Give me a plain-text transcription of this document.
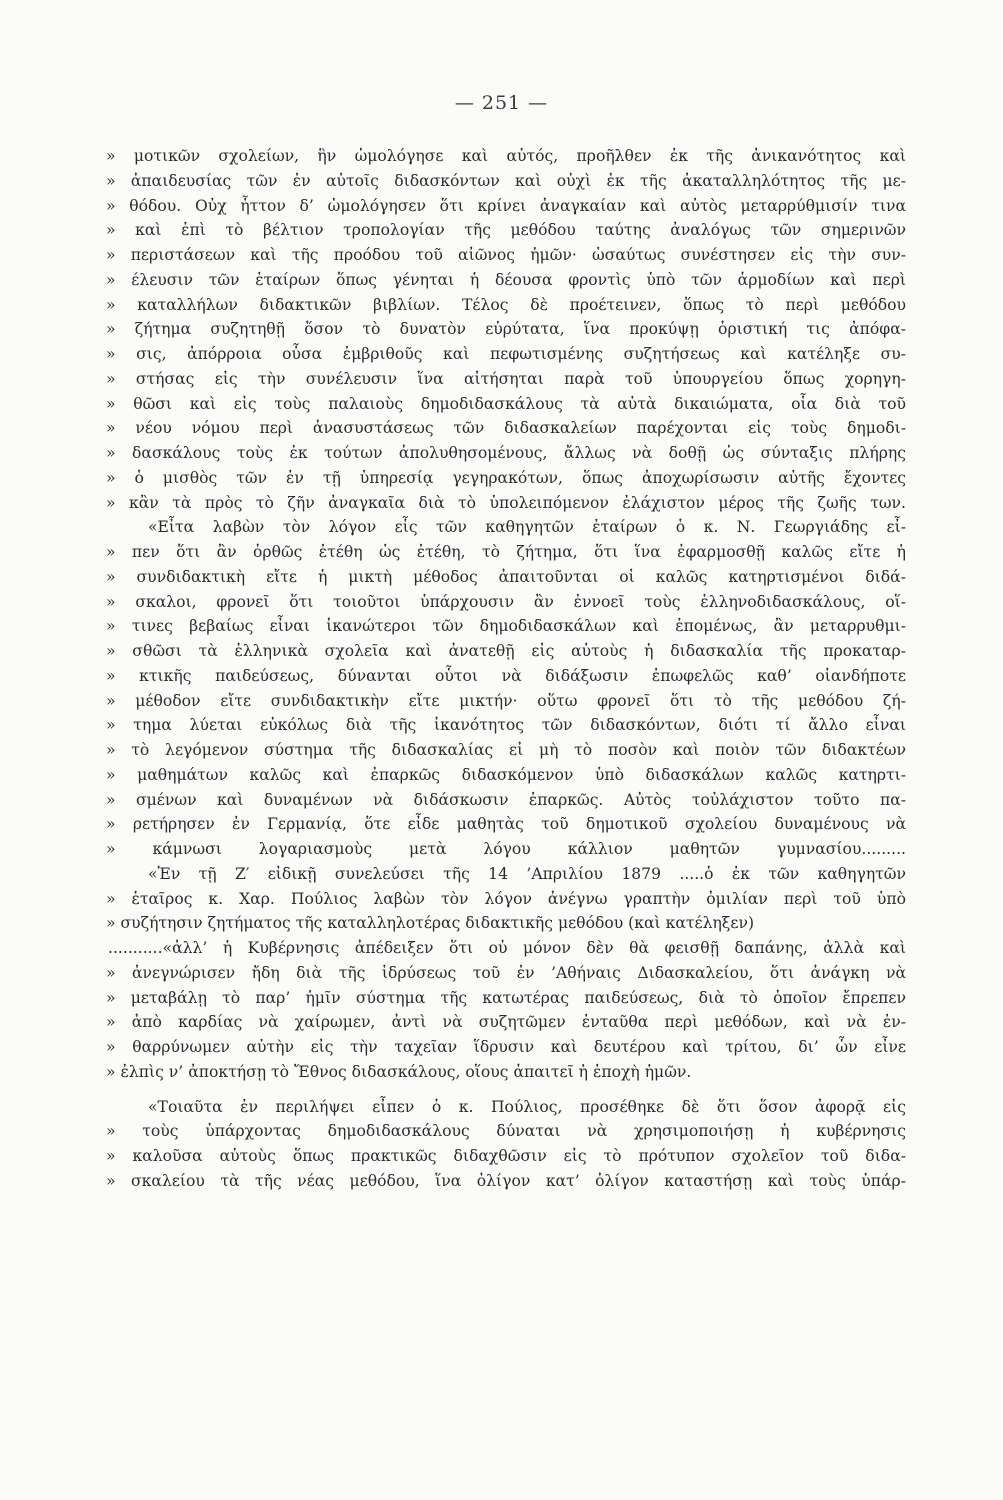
— 251 —
» μοτικῶν σχολείων, ἣν ὡμολόγησε καὶ αὐτός, προῆλθεν ἐκ τῆς ἀνικανότητος καὶ
» ἀπαιδευσίας τῶν ἐν αὐτοῖς διδασκόντων καὶ οὐχὶ ἐκ τῆς ἀκαταλληλότητος τῆς με-
» θόδου. Οὐχ ἧττον δ’ ὡμολόγησεν ὅτι κρίνει ἀναγκαίαν καὶ αὐτὸς μεταρρύθμισίν τινα
» καὶ ἐπὶ τὸ βέλτιον τροπολογίαν τῆς μεθόδου ταύτης ἀναλόγως τῶν σημερινῶν
» περιστάσεων καὶ τῆς προόδου τοῦ αἰῶνος ἡμῶν· ὡσαύτως συνέστησεν εἰς τὴν συν-
» έλευσιν τῶν ἑταίρων ὅπως γένηται ἡ δέουσα φροντὶς ὑπὸ τῶν ἁρμοδίων καὶ περὶ
» καταλλήλων διδακτικῶν βιβλίων. Τέλος δὲ προέτεινεν, ὅπως τὸ περὶ μεθόδου
» ζήτημα συζητηθῇ ὅσον τὸ δυνατὸν εὐρύτατα, ἵνα προκύψῃ ὁριστική τις ἀπόφα-
» σις, ἀπόρροια οὖσα ἐμβριθοῦς καὶ πεφωτισμένης συζητήσεως καὶ κατέληξε συ-
» στήσας εἰς τὴν συνέλευσιν ἵνα αἰτήσηται παρὰ τοῦ ὑπουργείου ὅπως χορηγη-
» θῶσι καὶ εἰς τοὺς παλαιοὺς δημοδιδασκάλους τὰ αὐτὰ δικαιώματα, οἷα διὰ τοῦ
» νέου νόμου περὶ ἀνασυστάσεως τῶν διδασκαλείων παρέχονται εἰς τοὺς δημοδι-
» δασκάλους τοὺς ἐκ τούτων ἀπολυθησομένους, ἄλλως νὰ δοθῇ ὡς σύνταξις πλήρης
» ὁ μισθὸς τῶν ἐν τῇ ὑπηρεσίᾳ γεγηρακότων, ὅπως ἀποχωρίσωσιν αὐτῆς ἔχοντες
» κἂν τὰ πρὸς τὸ ζῆν ἀναγκαῖα διὰ τὸ ὑπολειπόμενον ἐλάχιστον μέρος τῆς ζωῆς των.
«Εἶτα λαβὼν τὸν λόγον εἷς τῶν καθηγητῶν ἑταίρων ὁ κ. Ν. Γεωργιάδης εἶ-
» πεν ὅτι ἂν ὀρθῶς ἐτέθη ὡς ἐτέθη, τὸ ζήτημα, ὅτι ἵνα ἐφαρμοσθῇ καλῶς εἴτε ἡ
» συνδιδακτικὴ εἴτε ἡ μικτὴ μέθοδος ἀπαιτοῦνται οἱ καλῶς κατηρτισμένοι διδά-
» σκαλοι, φρονεῖ ὅτι τοιοῦτοι ὑπάρχουσιν ἂν ἐννοεῖ τοὺς ἑλληνοδιδασκάλους, οἵ-
» τινες βεβαίως εἶναι ἱκανώτεροι τῶν δημοδιδασκάλων καὶ ἑπομένως, ἂν μεταρρυθμι-
» σθῶσι τὰ ἑλληνικὰ σχολεῖα καὶ ἀνατεθῇ εἰς αὐτοὺς ἡ διδασκαλία τῆς προκαταρ-
» κτικῆς παιδεύσεως, δύνανται οὗτοι νὰ διδάξωσιν ἐπωφελῶς καθ’ οἱανδήποτε
» μέθοδον εἴτε συνδιδακτικὴν εἴτε μικτήν· οὕτω φρονεῖ ὅτι τὸ τῆς μεθόδου ζή-
» τημα λύεται εὐκόλως διὰ τῆς ἱκανότητος τῶν διδασκόντων, διότι τί ἄλλο εἶναι
» τὸ λεγόμενον σύστημα τῆς διδασκαλίας εἰ μὴ τὸ ποσὸν καὶ ποιὸν τῶν διδακτέων
» μαθημάτων καλῶς καὶ ἐπαρκῶς διδασκόμενον ὑπὸ διδασκάλων καλῶς κατηρτι-
» σμένων καὶ δυναμένων νὰ διδάσκωσιν ἐπαρκῶς. Αὐτὸς τοὐλάχιστον τοῦτο πα-
» ρετήρησεν ἐν Γερμανίᾳ, ὅτε εἶδε μαθητὰς τοῦ δημοτικοῦ σχολείου δυναμένους νὰ
» κάμνωσι λογαριασμοὺς μετὰ λόγου κάλλιον μαθητῶν γυμνασίου.........
«Ἐν τῇ Ζ′ εἰδικῇ συνελεύσει τῆς 14 ’Απριλίου 1879 .....ὁ ἐκ τῶν καθηγητῶν
» ἑταῖρος κ. Χαρ. Πούλιος λαβὼν τὸν λόγον ἀνέγνω γραπτὴν ὁμιλίαν περὶ τοῦ ὑπὸ
» συζήτησιν ζητήματος τῆς καταλληλοτέρας διδακτικῆς μεθόδου (καὶ κατέληξεν)
...........«ἀλλ’ ἡ Κυβέρνησις ἀπέδειξεν ὅτι οὐ μόνον δὲν θὰ φεισθῇ δαπάνης, ἀλλὰ καὶ
» ἀνεγνώρισεν ἤδη διὰ τῆς ἱδρύσεως τοῦ ἐν ’Αθήναις Διδασκαλείου, ὅτι ἀνάγκη νὰ
» μεταβάλῃ τὸ παρ’ ἡμῖν σύστημα τῆς κατωτέρας παιδεύσεως, διὰ τὸ ὁποῖον ἔπρεπεν
» ἀπὸ καρδίας νὰ χαίρωμεν, ἀντὶ νὰ συζητῶμεν ἐνταῦθα περὶ μεθόδων, καὶ νὰ ἐν-
» θαρρύνωμεν αὐτὴν εἰς τὴν ταχεῖαν ἵδρυσιν καὶ δευτέρου καὶ τρίτου, δι’ ὧν εἶνε
» ἐλπὶς ν’ ἀποκτήσῃ τὸ Ἔθνος διδασκάλους, οἵους ἀπαιτεῖ ἡ ἐποχὴ ἡμῶν.
«Τοιαῦτα ἐν περιλήψει εἶπεν ὁ κ. Πούλιος, προσέθηκε δὲ ὅτι ὅσον ἀφορᾷ εἰς
» τοὺς ὑπάρχοντας δημοδιδασκάλους δύναται νὰ χρησιμοποιήσῃ ἡ κυβέρνησις
» καλοῦσα αὐτοὺς ὅπως πρακτικῶς διδαχθῶσιν εἰς τὸ πρότυπον σχολεῖον τοῦ διδα-
» σκαλείου τὰ τῆς νέας μεθόδου, ἵνα ὀλίγον κατ’ ὀλίγον καταστήσῃ καὶ τοὺς ὑπάρ-
